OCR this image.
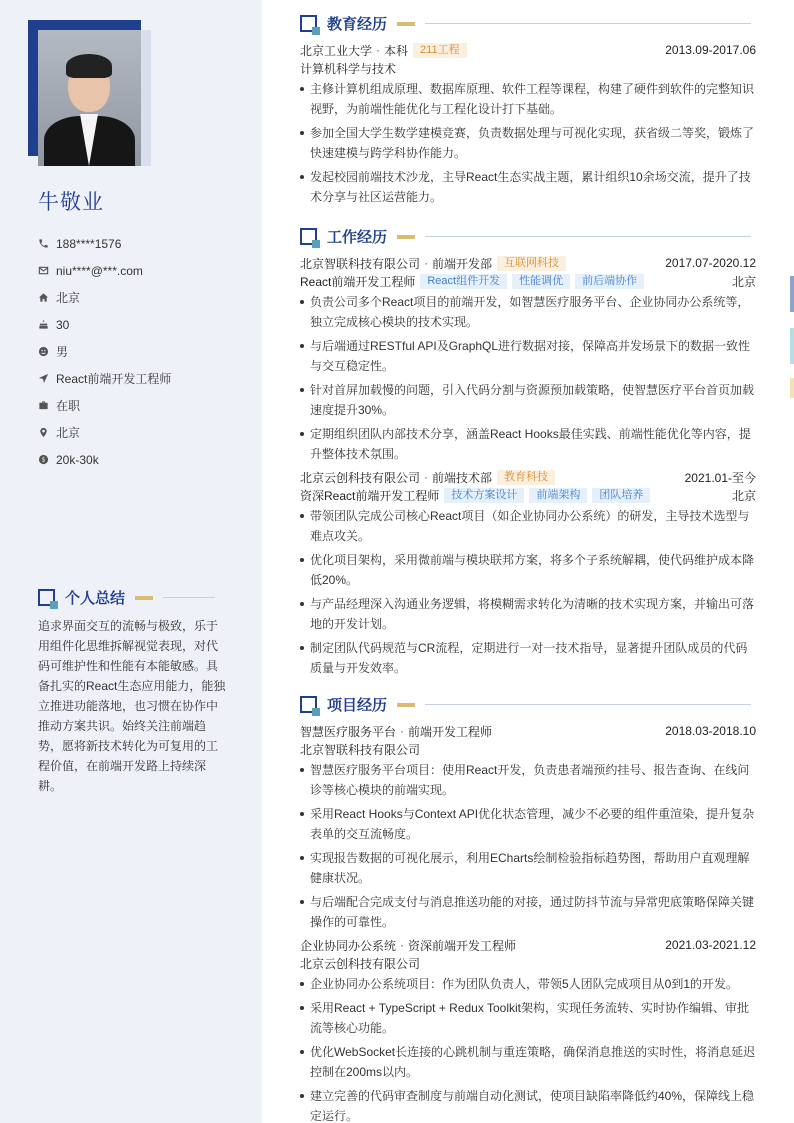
牛敬业
188****1576
niu****@***.com
北京
30
男
React前端开发工程师
在职
北京
$ 20k-30k
个人总结
追求界面交互的流畅与极致，乐于用组件化思维拆解视觉表现，对代码可维护性和性能有本能敏感。具备扎实的React生态应用能力，能独立推进功能落地，也习惯在协作中推动方案共识。始终关注前端趋势，愿将新技术转化为可复用的工程价值，在前端开发路上持续深耕。
教育经历
北京工业大学 · 本科	211工程	2013.09-2017.06
计算机科学与技术
主修计算机组成原理、数据库原理、软件工程等课程，构建了硬件到软件的完整知识视野，为前端性能优化与工程化设计打下基础。
参加全国大学生数学建模竞赛，负责数据处理与可视化实现，获省级二等奖，锻炼了快速建模与跨学科协作能力。
发起校园前端技术沙龙，主导React生态实战主题，累计组织10余场交流，提升了技术分享与社区运营能力。
工作经历
北京智联科技有限公司 · 前端开发部	互联网科技	2017.07-2020.12
React前端开发工程师	React组件开发	性能调优	前后端协作	北京
负责公司多个React项目的前端开发，如智慧医疗服务平台、企业协同办公系统等，独立完成核心模块的技术实现。
与后端通过RESTful API及GraphQL进行数据对接，保障高并发场景下的数据一致性与交互稳定性。
针对首屏加载慢的问题，引入代码分割与资源预加载策略，使智慧医疗平台首页加载速度提升30%。
定期组织团队内部技术分享，涵盖React Hooks最佳实践、前端性能优化等内容，提升整体技术氛围。
北京云创科技有限公司 · 前端技术部	教育科技	2021.01-至今
资深React前端开发工程师	技术方案设计	前端架构	团队培养	北京
带领团队完成公司核心React项目（如企业协同办公系统）的研发，主导技术选型与难点攻关。
优化项目架构，采用微前端与模块联邦方案，将多个子系统解耦，使代码维护成本降低20%。
与产品经理深入沟通业务逻辑，将模糊需求转化为清晰的技术实现方案，并输出可落地的开发计划。
制定团队代码规范与CR流程，定期进行一对一技术指导，显著提升团队成员的代码质量与开发效率。
项目经历
智慧医疗服务平台 · 前端开发工程师	2018.03-2018.10
北京智联科技有限公司
智慧医疗服务平台项目：使用React开发，负责患者端预约挂号、报告查询、在线问诊等核心模块的前端实现。
采用React Hooks与Context API优化状态管理，减少不必要的组件重渲染，提升复杂表单的交互流畅度。
实现报告数据的可视化展示，利用ECharts绘制检验指标趋势图，帮助用户直观理解健康状况。
与后端配合完成支付与消息推送功能的对接，通过防抖节流与异常兜底策略保障关键操作的可靠性。
企业协同办公系统 · 资深前端开发工程师	2021.03-2021.12
北京云创科技有限公司
企业协同办公系统项目：作为团队负责人，带领5人团队完成项目从0到1的开发。
采用React + TypeScript + Redux Toolkit架构，实现任务流转、实时协作编辑、审批流等核心功能。
优化WebSocket长连接的心跳机制与重连策略，确保消息推送的实时性，将消息延迟控制在200ms以内。
建立完善的代码审查制度与前端自动化测试，使项目缺陷率降低约40%，保障线上稳定运行。
